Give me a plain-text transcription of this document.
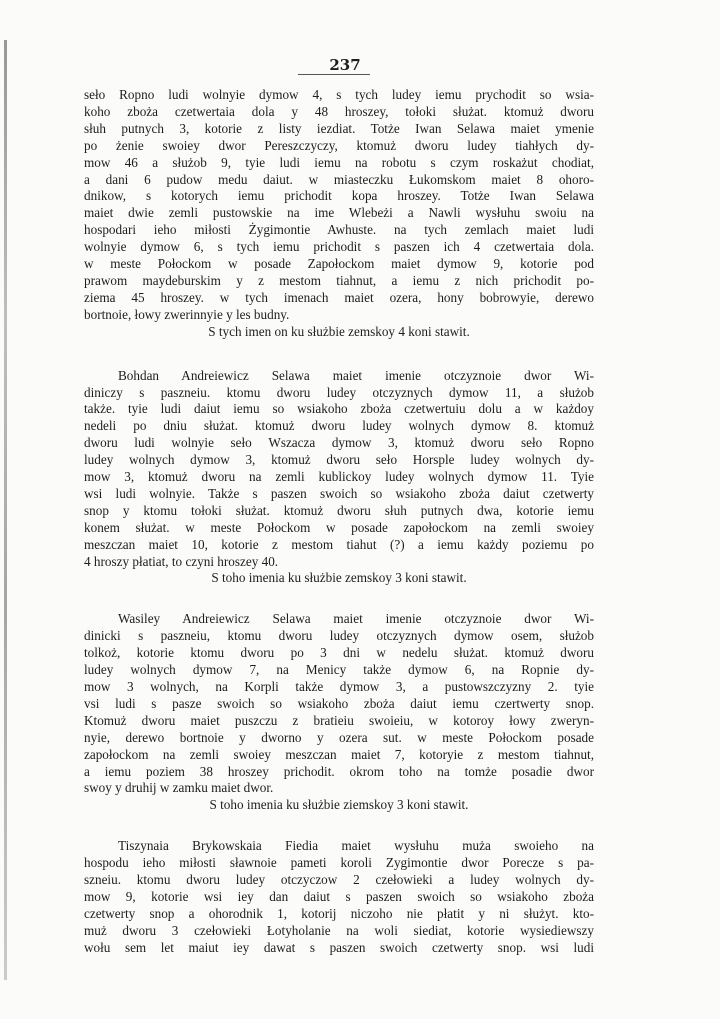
237
sełо Ropno ludi wolnyie dymow 4, s tych ludey iemu prychodit so wsia-
koho zboża czetwertaia dola y 48 hroszey, tołoki służat. ktomuż dworu
słuh putnych 3, kotorie z listy iezdiat. Totże Iwan Selawa maiet ymenie
po żenie swoiey dwor Pereszczyczy, ktomuż dworu ludey tiahłych dy-
mow 46 a służob 9, tyie ludi iemu na robotu s czym roskażut chodiat,
a dani 6 pudow medu daiut. w miasteczku Łukomskom maiet 8 ohoro-
dnikow, s kotorych iemu prichodit kopa hroszey. Totże Iwan Selawa
maiet dwie zemli pustowskie na ime Wlebeżi a Nawli wysłuhu swoiu na
hospodari ieho miłosti Żygimontie Awhuste. na tych zemlach maiet ludi
wolnyie dymow 6, s tych iemu prichodit s paszen ich 4 czetwertaia dola.
w meste Połockom w posade Zapołockom maiet dymow 9, kotorie pod
prawom maydeburskim y z mestom tiahnut, a iemu z nich prichodit po-
ziema 45 hroszey. w tych imenach maiet ozera, hony bobrowyie, derewo
bortnoie, łowy zwerinnyie y les budny.
S tych imen on ku służbie zemskoy 4 koni stawit.
Bohdan Andreiewicz Selawa maiet imenie otczyznoie dwor Wi-
diniczy s paszneiu. ktomu dworu ludey otczyznych dymow 11, a służob
także. tyie ludi daiut iemu so wsiakoho zboża czetwertuiu dolu a w każdoy
nedeli po dniu służat. ktomuż dworu ludey wolnych dymow 8. ktomuż
dworu ludi wolnyie sełо Wszacza dymow 3, ktomuż dworu sełо Ropno
ludey wolnych dymow 3, ktomuż dworu sełо Horsple ludey wolnych dy-
mow 3, ktomuż dworu na zemli kublickoy ludey wolnych dymow 11. Tyie
wsi ludi wolnyie. Także s paszen swoich so wsiakoho zboża daiut czetwerty
snop y ktomu tołoki służat. ktomuż dworu słuh putnych dwa, kotorie iemu
konem służat. w meste Połockom w posade zapołockom na zemli swoiey
meszczan maiet 10, kotorie z mestom tiahut (?) a iemu każdy poziemu po
4 hroszy płatiat, to czyni hroszey 40.
S toho imenia ku służbie zemskoy 3 koni stawit.
Wasiley Andreiewicz Selawa maiet imenie otczyznoie dwor Wi-
dinicki s paszneiu, ktomu dworu ludey otczyznych dymow osem, służob
tolkoż, kotorie ktomu dworu po 3 dni w nedelu służat. ktomuż dworu
ludey wolnych dymow 7, na Menicy także dymow 6, na Ropnie dy-
mow 3 wolnych, na Korpli także dymow 3, a pustowszczyzny 2. tyie
vsi ludi s pasze swoich so wsiakoho zboża daiut iemu czertwerty snop.
Ktomuż dworu maiet puszczu z bratieiu swoieiu, w kotoroy łowy zweryn-
nyie, derewo bortnoie y dworno y ozera sut. w meste Połockom posade
zapołockom na zemli swoiey meszczan maiet 7, kotoryie z mestom tiahnut,
a iemu poziem 38 hroszey prichodit. okrom toho na tomże posadie dwor
swoy y druhij w zamku maiet dwor.
S toho imenia ku służbie ziemskoy 3 koni stawit.
Tiszynaia Brykowskaia Fiedia maiet wysłuhu muża swoieho na
hospodu ieho miłosti sławnoie pameti koroli Zygimontie dwor Porecze s pa-
szneiu. ktomu dworu ludey otczyczow 2 czełowieki a ludey wolnych dy-
mow 9, kotorie wsi iey dan daiut s paszen swoich so wsiakoho zboża
czetwerty snop a ohorodnik 1, kotorij niczoho nie płatit y ni służyt. kto-
muż dworu 3 czełowieki Łotyholanie na woli siediat, kotorie wysiediewszy
wołu sem let maiut iey dawat s paszen swoich czetwerty snop. wsi ludi
